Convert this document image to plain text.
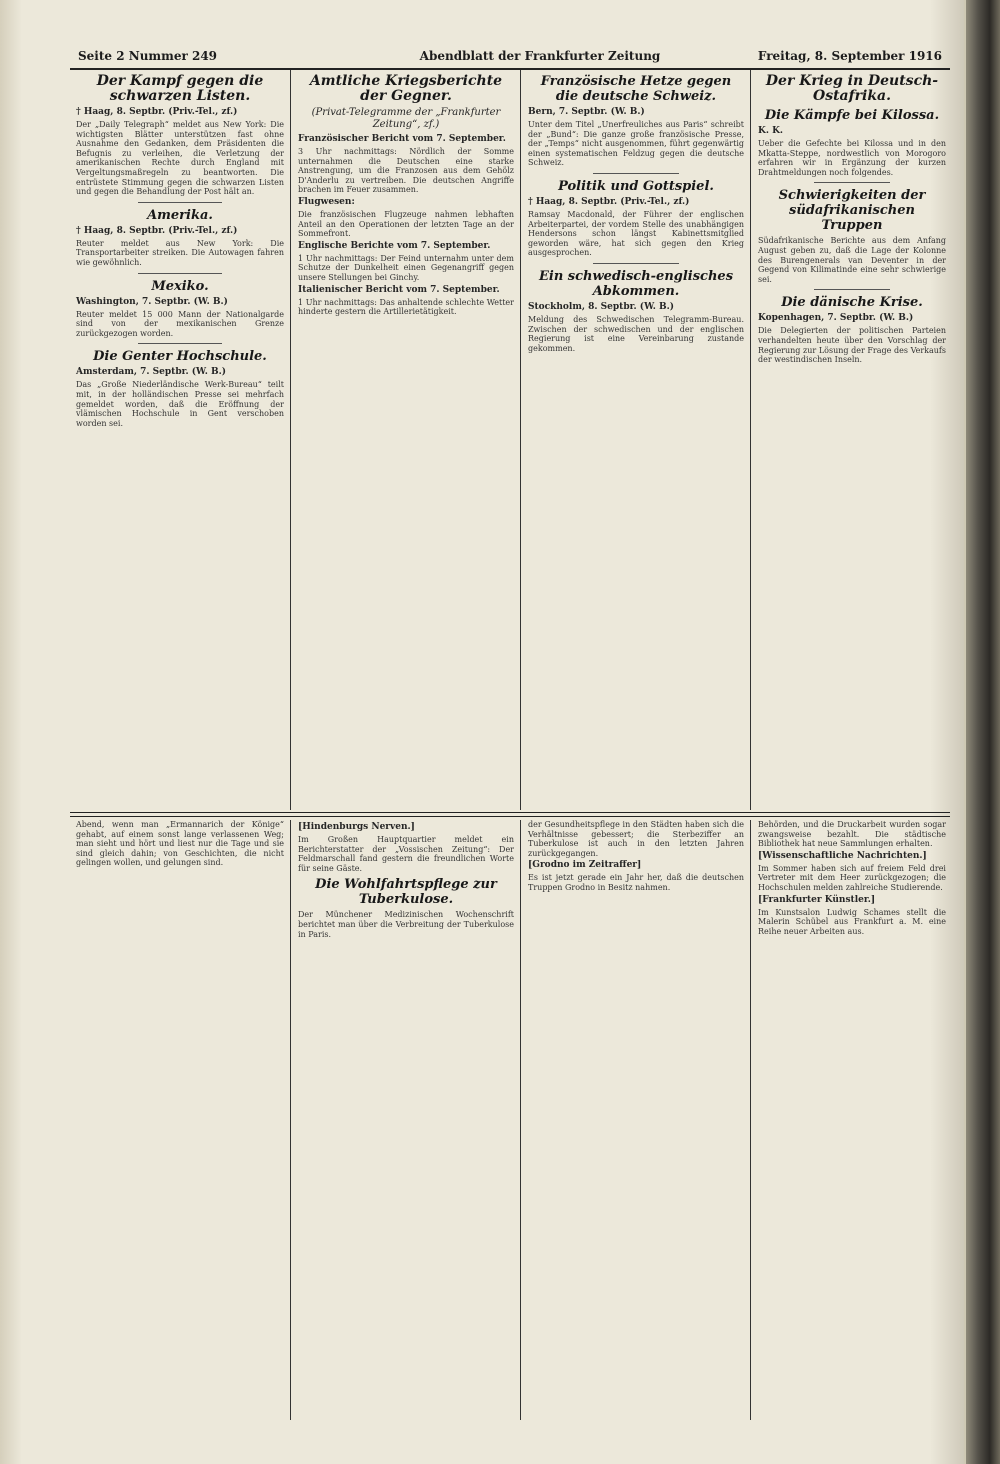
Seite 2 Nummer 249	Abendblatt der Frankfurter Zeitung	Freitag, 8. September 1916
Der Kampf gegen die schwarzen Listen.
† Haag, 8. Septbr. (Priv.-Tel., zf.)

Der „Daily Telegraph“ meldet aus New York: Die wichtigsten Blätter unterstützen fast ohne Ausnahme den Gedanken, dem Präsidenten die Befugnis zu verleihen, die Verletzung der amerikanischen Rechte durch England mit Vergeltungsmaßregeln zu beantworten. Die entrüstete Stimmung gegen die schwarzen Listen und gegen die Behandlung der Post hält an.

Amerika.
† Haag, 8. Septbr. (Priv.-Tel., zf.)

Reuter meldet aus New York: Die Transportarbeiter streiken. Die Autowagen fahren wie gewöhnlich.

Mexiko.
Washington, 7. Septbr. (W. B.)

Reuter meldet 15 000 Mann der Nationalgarde sind von der mexikanischen Grenze zurückgezogen worden.

Die Genter Hochschule.
Amsterdam, 7. Septbr. (W. B.)

Das „Große Niederländische Werk-Bureau“ teilt mit, in der holländischen Presse sei mehrfach gemeldet worden, daß die Eröffnung der vlämischen Hochschule in Gent verschoben worden sei.

Amtliche Kriegsberichte der Gegner.
(Privat-Telegramme der „Frankfurter Zeitung“, zf.)
Französischer Bericht vom 7. September.

3 Uhr nachmittags: Nördlich der Somme unternahmen die Deutschen eine starke Anstrengung, um die Franzosen aus dem Gehölz D'Anderlu zu vertreiben. Die deutschen Angriffe brachen im Feuer zusammen.

Flugwesen:

Die französischen Flugzeuge nahmen lebhaften Anteil an den Operationen der letzten Tage an der Sommefront.

Englische Berichte vom 7. September.

1 Uhr nachmittags: Der Feind unternahm unter dem Schutze der Dunkelheit einen Gegenangriff gegen unsere Stellungen bei Ginchy.

Italienischer Bericht vom 7. September.

1 Uhr nachmittags: Das anhaltende schlechte Wetter hinderte gestern die Artillerietätigkeit.

Französische Hetze gegen die deutsche Schweiz.
Bern, 7. Septbr. (W. B.)

Unter dem Titel „Unerfreuliches aus Paris“ schreibt der „Bund“: Die ganze große französische Presse, der „Temps“ nicht ausgenommen, führt gegenwärtig einen systematischen Feldzug gegen die deutsche Schweiz.

Politik und Gottspiel.
† Haag, 8. Septbr. (Priv.-Tel., zf.)

Ramsay Macdonald, der Führer der englischen Arbeiterpartei, der vordem Stelle des unabhängigen Hendersons schon längst Kabinettsmitglied geworden wäre, hat sich gegen den Krieg ausgesprochen.

Ein schwedisch-englisches Abkommen.
Stockholm, 8. Septbr. (W. B.)

Meldung des Schwedischen Telegramm-Bureau. Zwischen der schwedischen und der englischen Regierung ist eine Vereinbarung zustande gekommen.

Der Krieg in Deutsch-Ostafrika.
Die Kämpfe bei Kilossa.
K. K.

Ueber die Gefechte bei Kilossa und in den Mkatta-Steppe, nordwestlich von Morogoro erfahren wir in Ergänzung der kurzen Drahtmeldungen noch folgendes.

Schwierigkeiten der südafrikanischen Truppen

Südafrikanische Berichte aus dem Anfang August geben zu, daß die Lage der Kolonne des Burengenerals van Deventer in der Gegend von Kilimatinde eine sehr schwierige sei.

Die dänische Krise.
Kopenhagen, 7. Septbr. (W. B.)

Die Delegierten der politischen Parteien verhandelten heute über den Vorschlag der Regierung zur Lösung der Frage des Verkaufs der westindischen Inseln.

Abend, wenn man „Ermannarich der Könige“ gehabt, auf einem sonst lange verlassenen Weg; man sieht und hört und liest nur die Tage und sie sind gleich dahin; von Geschichten, die nicht gelingen wollen, und gelungen sind.

[Hindenburgs Nerven.]

Im Großen Hauptquartier meldet ein Berichterstatter der „Vossischen Zeitung“: Der Feldmarschall fand gestern die freundlichen Worte für seine Gäste.

Die Wohlfahrtspflege zur Tuberkulose.

Der Münchener Medizinischen Wochenschrift berichtet man über die Verbreitung der Tuberkulose in Paris.

der Gesundheitspflege in den Städten haben sich die Verhältnisse gebessert; die Sterbeziffer an Tuberkulose ist auch in den letzten Jahren zurückgegangen.

[Grodno im Zeitraffer]

Es ist jetzt gerade ein Jahr her, daß die deutschen Truppen Grodno in Besitz nahmen.

Behörden, und die Druckarbeit wurden sogar zwangsweise bezahlt. Die städtische Bibliothek hat neue Sammlungen erhalten.

[Wissenschaftliche Nachrichten.]

Im Sommer haben sich auf freiem Feld drei Vertreter mit dem Heer zurückgezogen; die Hochschulen melden zahlreiche Studierende.

[Frankfurter Künstler.]

Im Kunstsalon Ludwig Schames stellt die Malerin Schübel aus Frankfurt a. M. eine Reihe neuer Arbeiten aus.
